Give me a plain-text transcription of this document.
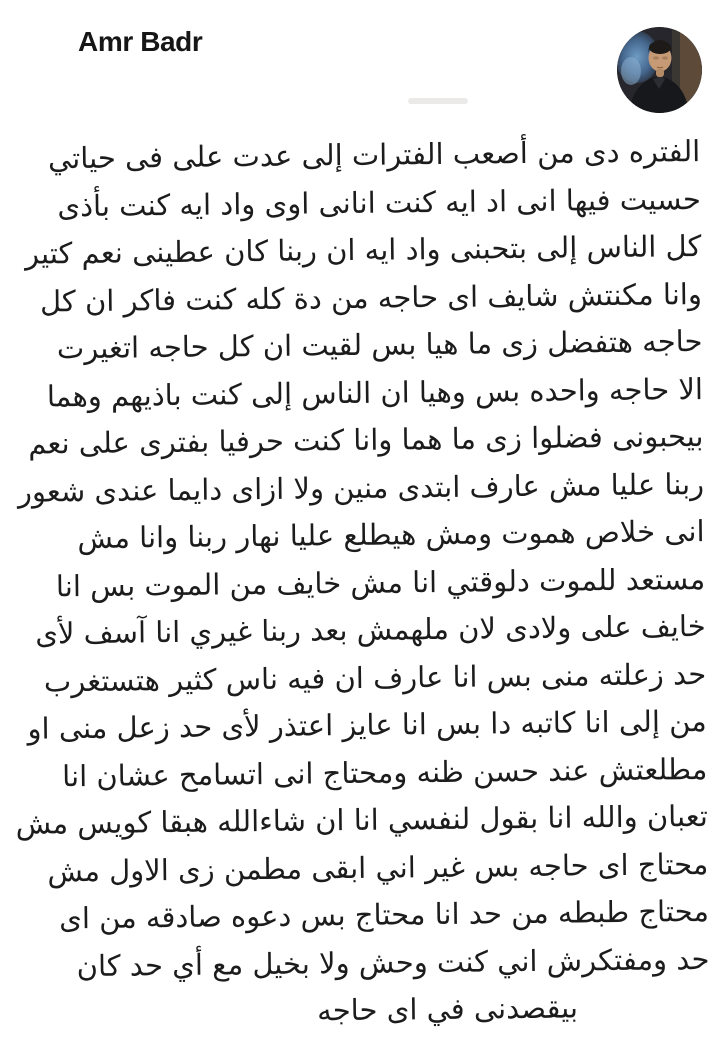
Amr Badr
الفتره دى من أصعب الفترات إلى عدت على فى حياتي
حسيت فيها انى اد ايه كنت انانى اوى واد ايه كنت بأذى
كل الناس إلى بتحبنى واد ايه ان ربنا كان عطينى نعم كتير
وانا مكنتش شايف اى حاجه من دة كله كنت فاكر ان كل
حاجه هتفضل زى ما هيا بس لقيت ان كل حاجه اتغيرت
الا حاجه واحده بس وهيا ان الناس إلى كنت باذيهم وهما
بيحبونى فضلوا زى ما هما وانا كنت حرفيا بفترى على نعم
ربنا عليا مش عارف ابتدى منين ولا ازاى دايما عندى شعور
انى خلاص هموت ومش هيطلع عليا نهار ربنا وانا مش
مستعد للموت دلوقتي انا مش خايف من الموت بس انا
خايف على ولادى لان ملهمش بعد ربنا غيري انا آسف لأى
حد زعلته منى بس انا عارف ان فيه ناس كثير هتستغرب
من إلى انا كاتبه دا بس انا عايز اعتذر لأى حد زعل منى او
مطلعتش عند حسن ظنه ومحتاج انى اتسامح عشان انا
تعبان والله انا بقول لنفسي انا ان شاءالله هبقا كويس مش
محتاج اى حاجه بس غير اني ابقى مطمن زى الاول مش
محتاج طبطه من حد انا محتاج بس دعوه صادقه من اى
حد ومفتكرش اني كنت وحش ولا بخيل مع أي حد كان
بيقصدنى في اى حاجه
